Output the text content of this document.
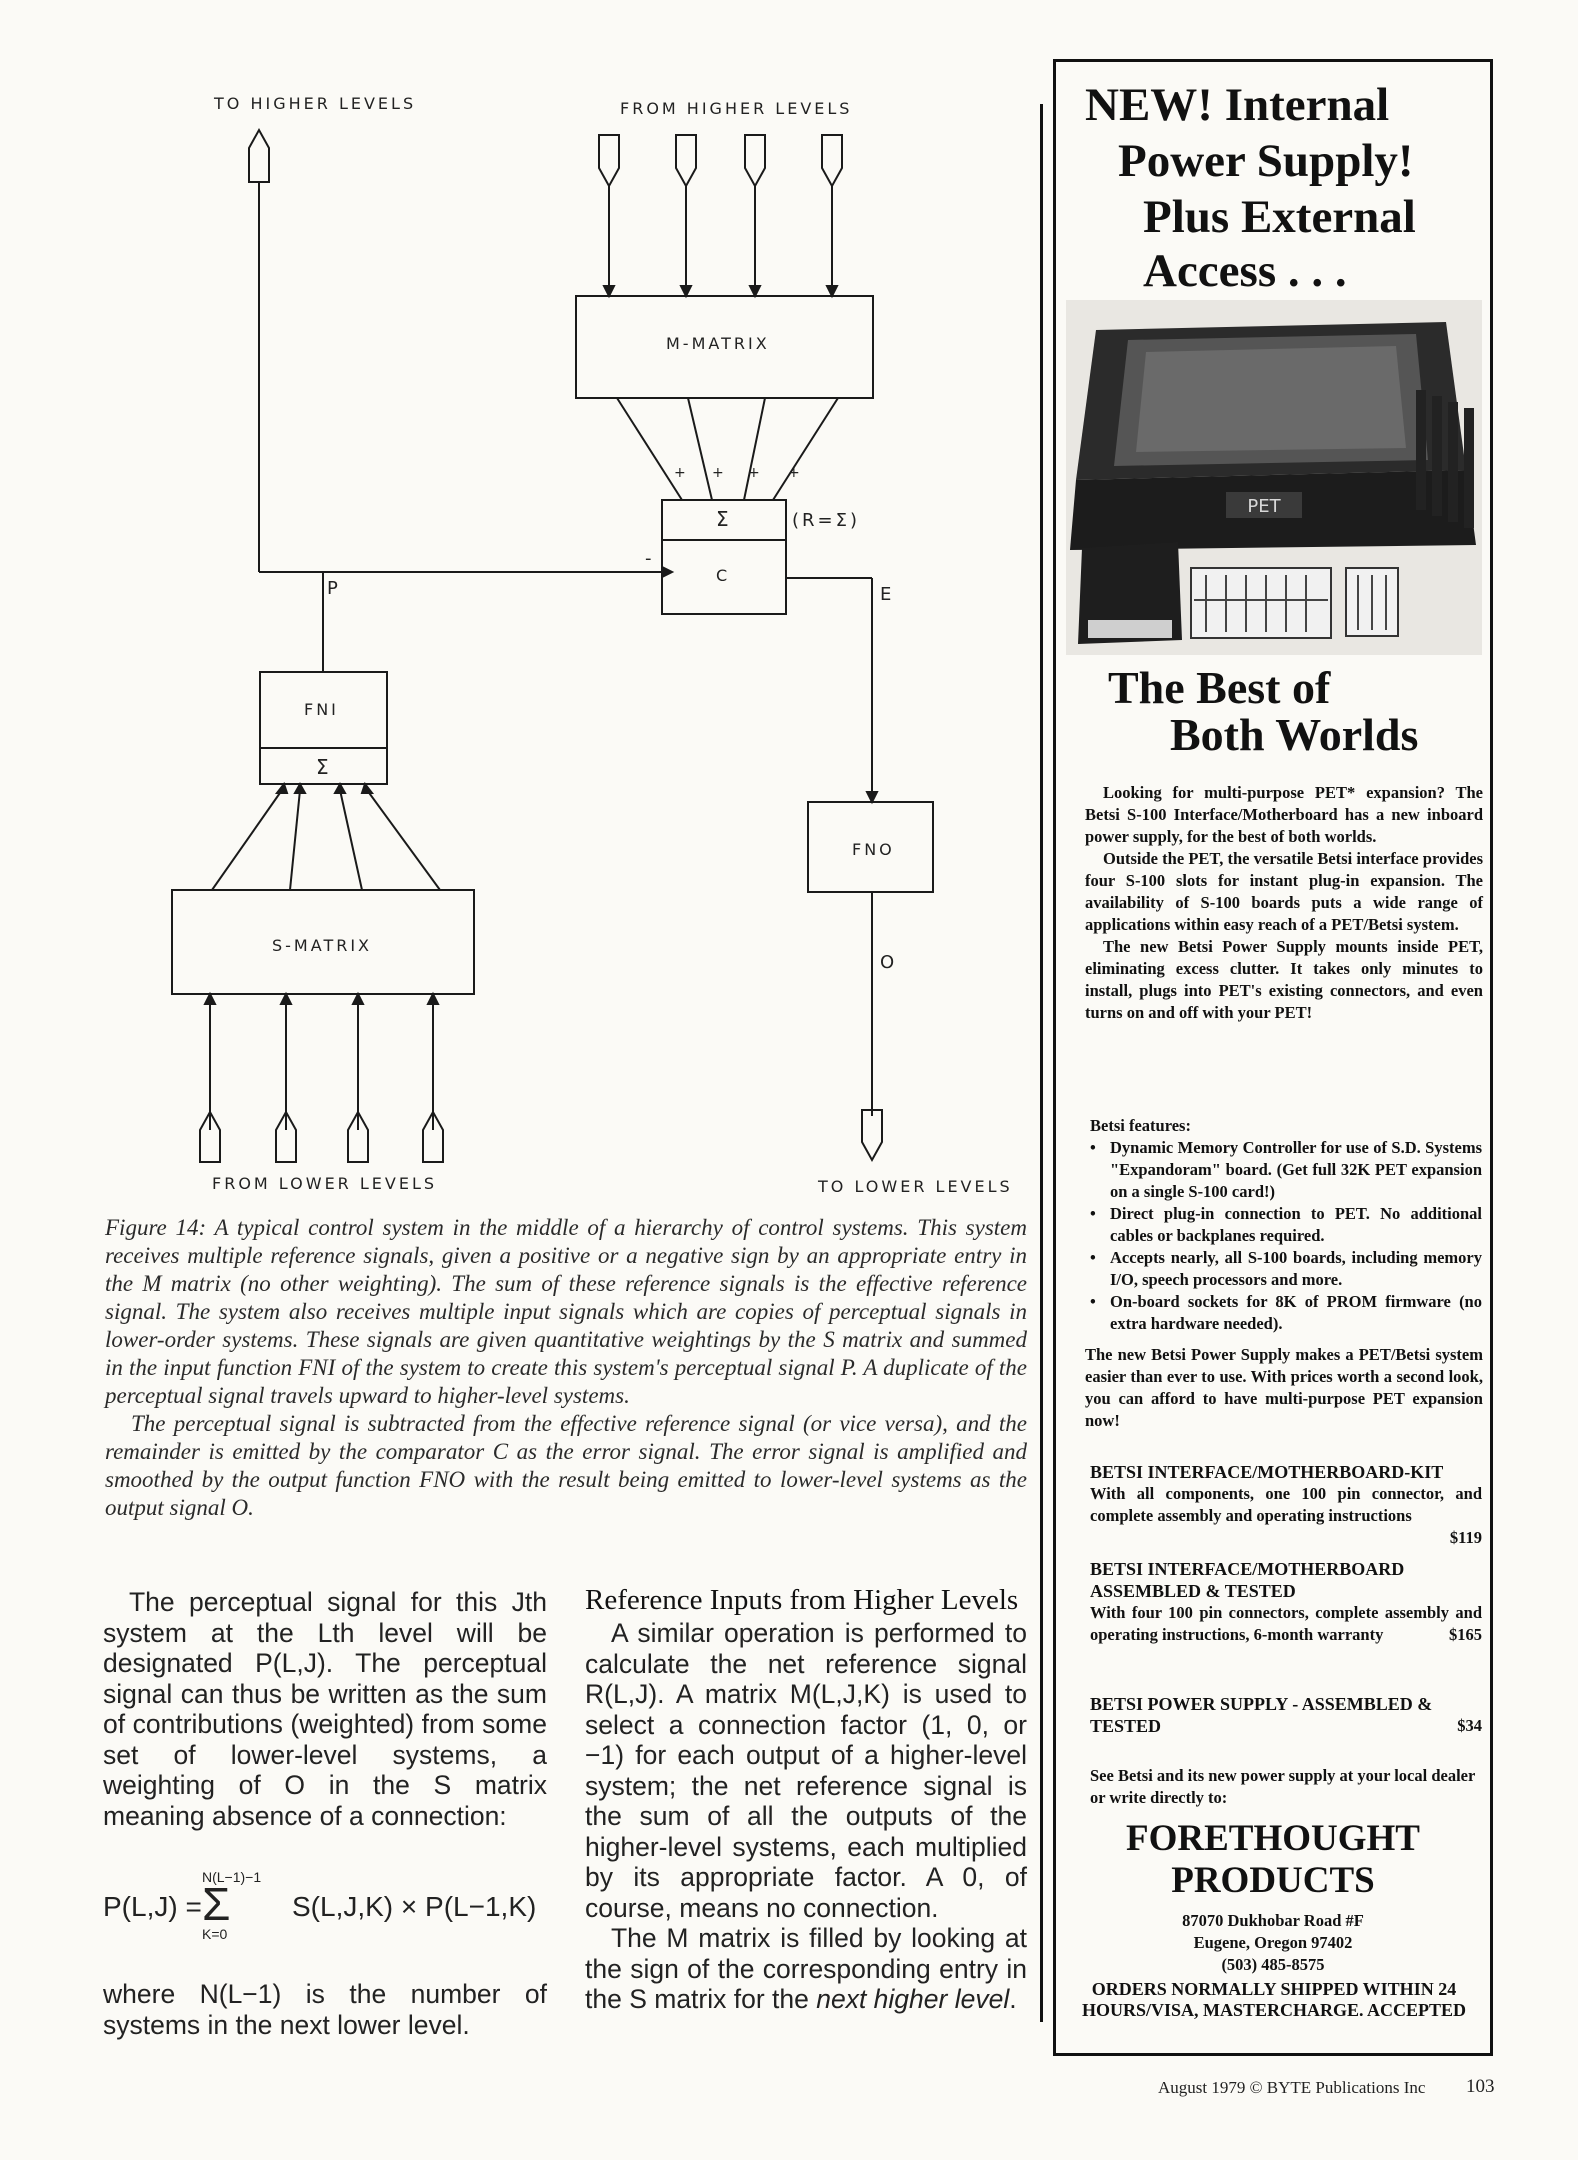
TO HIGHER LEVELS	FROM HIGHER LEVELS
M-MATRIX
+ + + +
-
Σ	(R=Σ)
C
P	E
FNI
Σ
FNO
S-MATRIX
O
FROM LOWER LEVELS	TO LOWER LEVELS

Figure 14: A typical control system in the middle of a hierarchy of control systems. This system receives multiple reference signals, given a positive or a negative sign by an appropriate entry in the M matrix (no other weighting). The sum of these reference signals is the effective reference signal. The system also receives multiple input signals which are copies of perceptual signals in lower-order systems. These signals are given quantitative weightings by the S matrix and summed in the input function FNI of the system to create this system's perceptual signal P. A duplicate of the perceptual signal travels upward to higher-level systems.

The perceptual signal is subtracted from the effective reference signal (or vice versa), and the remainder is emitted by the comparator C as the error signal. The error signal is amplified and smoothed by the output function FNO with the result being emitted to lower-level systems as the output signal O.

The perceptual signal for this Jth system at the Lth level will be designated P(L,J). The perceptual signal can thus be written as the sum of contributions (weighted) from some set of lower-level systems, a weighting of O in the S matrix meaning absence of a connection:

P(L,J) =
N(L−1)−1
Σ
K=0
S(L,J,K) × P(L−1,K)

where N(L−1) is the number of systems in the next lower level.

Reference Inputs from Higher Levels

A similar operation is performed to calculate the net reference signal R(L,J). A matrix M(L,J,K) is used to select a connection factor (1, 0, or −1) for each output of a higher-level system; the net reference signal is the sum of all the outputs of the higher-level systems, each multiplied by its appropriate factor. A 0, of course, means no connection.

The M matrix is filled by looking at the sign of the corresponding entry in the S matrix for the next higher level.

NEW! Internal
Power Supply!
Plus External
Access . . .
PET
The Best of
Both Worlds

Looking for multi-purpose PET* expansion? The Betsi S-100 Interface/Motherboard has a new inboard power supply, for the best of both worlds.

Outside the PET, the versatile Betsi interface provides four S-100 slots for instant plug-in expansion. The availability of S-100 boards puts a wide range of applications within easy reach of a PET/Betsi system.

The new Betsi Power Supply mounts inside PET, eliminating excess clutter. It takes only minutes to install, plugs into PET's existing connectors, and even turns on and off with your PET!

Betsi features:

• Dynamic Memory Controller for use of S.D. Systems "Expandoram" board. (Get full 32K PET expansion on a single S-100 card!)
• Direct plug-in connection to PET. No additional cables or backplanes required.
• Accepts nearly, all S-100 boards, including memory I/O, speech processors and more.
• On-board sockets for 8K of PROM firmware (no extra hardware needed).

The new Betsi Power Supply makes a PET/Betsi system easier than ever to use. With prices worth a second look, you can afford to have multi-purpose PET expansion now!

BETSI INTERFACE/MOTHERBOARD-KIT

With all components, one 100 pin connector, and complete assembly and operating instructions

$119

BETSI INTERFACE/MOTHERBOARD ASSEMBLED & TESTED

With four 100 pin connectors, complete assembly and operating instructions, 6-month warranty	$165

BETSI POWER SUPPLY - ASSEMBLED & TESTED	$34

See Betsi and its new power supply at your local dealer or write directly to:

FORETHOUGHT
PRODUCTS

87070 Dukhobar Road #F

Eugene, Oregon 97402

(503) 485-8575

ORDERS NORMALLY SHIPPED WITHIN 24 HOURS/VISA, MASTERCHARGE. ACCEPTED

August 1979 © BYTE Publications Inc 103
